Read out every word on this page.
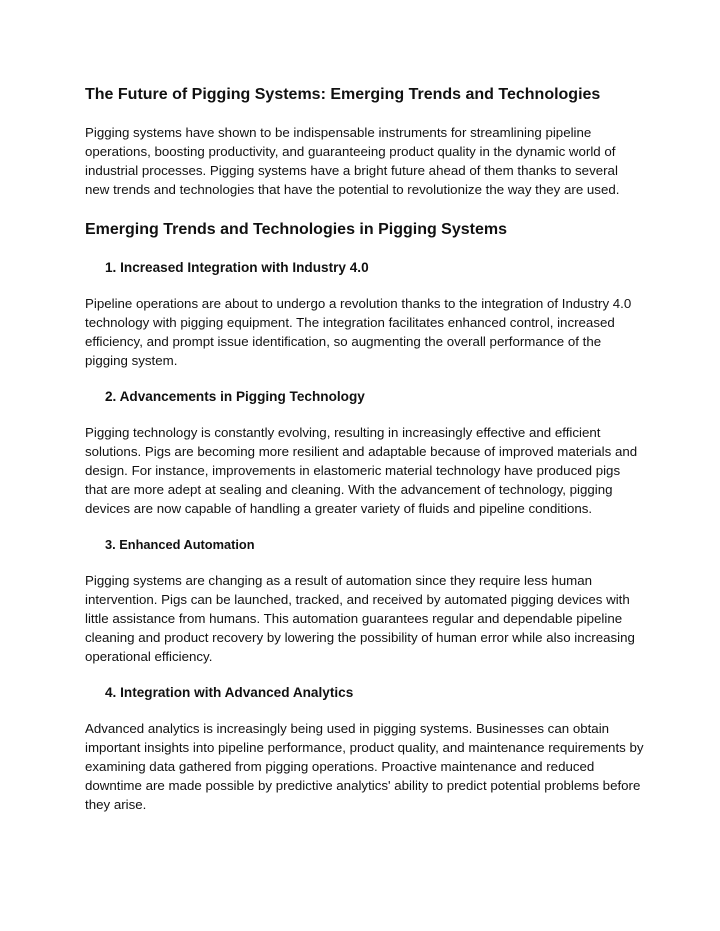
The Future of Pigging Systems: Emerging Trends and Technologies

Pigging systems have shown to be indispensable instruments for streamlining pipeline operations, boosting productivity, and guaranteeing product quality in the dynamic world of industrial processes. Pigging systems have a bright future ahead of them thanks to several new trends and technologies that have the potential to revolutionize the way they are used.

Emerging Trends and Technologies in Pigging Systems
1. Increased Integration with Industry 4.0

Pipeline operations are about to undergo a revolution thanks to the integration of Industry 4.0 technology with pigging equipment. The integration facilitates enhanced control, increased efficiency, and prompt issue identification, so augmenting the overall performance of the pigging system.

2. Advancements in Pigging Technology

Pigging technology is constantly evolving, resulting in increasingly effective and efficient solutions. Pigs are becoming more resilient and adaptable because of improved materials and design. For instance, improvements in elastomeric material technology have produced pigs that are more adept at sealing and cleaning. With the advancement of technology, pigging devices are now capable of handling a greater variety of fluids and pipeline conditions.

3. Enhanced Automation

Pigging systems are changing as a result of automation since they require less human intervention. Pigs can be launched, tracked, and received by automated pigging devices with little assistance from humans. This automation guarantees regular and dependable pipeline cleaning and product recovery by lowering the possibility of human error while also increasing operational efficiency.

4. Integration with Advanced Analytics

Advanced analytics is increasingly being used in pigging systems. Businesses can obtain important insights into pipeline performance, product quality, and maintenance requirements by examining data gathered from pigging operations. Proactive maintenance and reduced downtime are made possible by predictive analytics' ability to predict potential problems before they arise.
